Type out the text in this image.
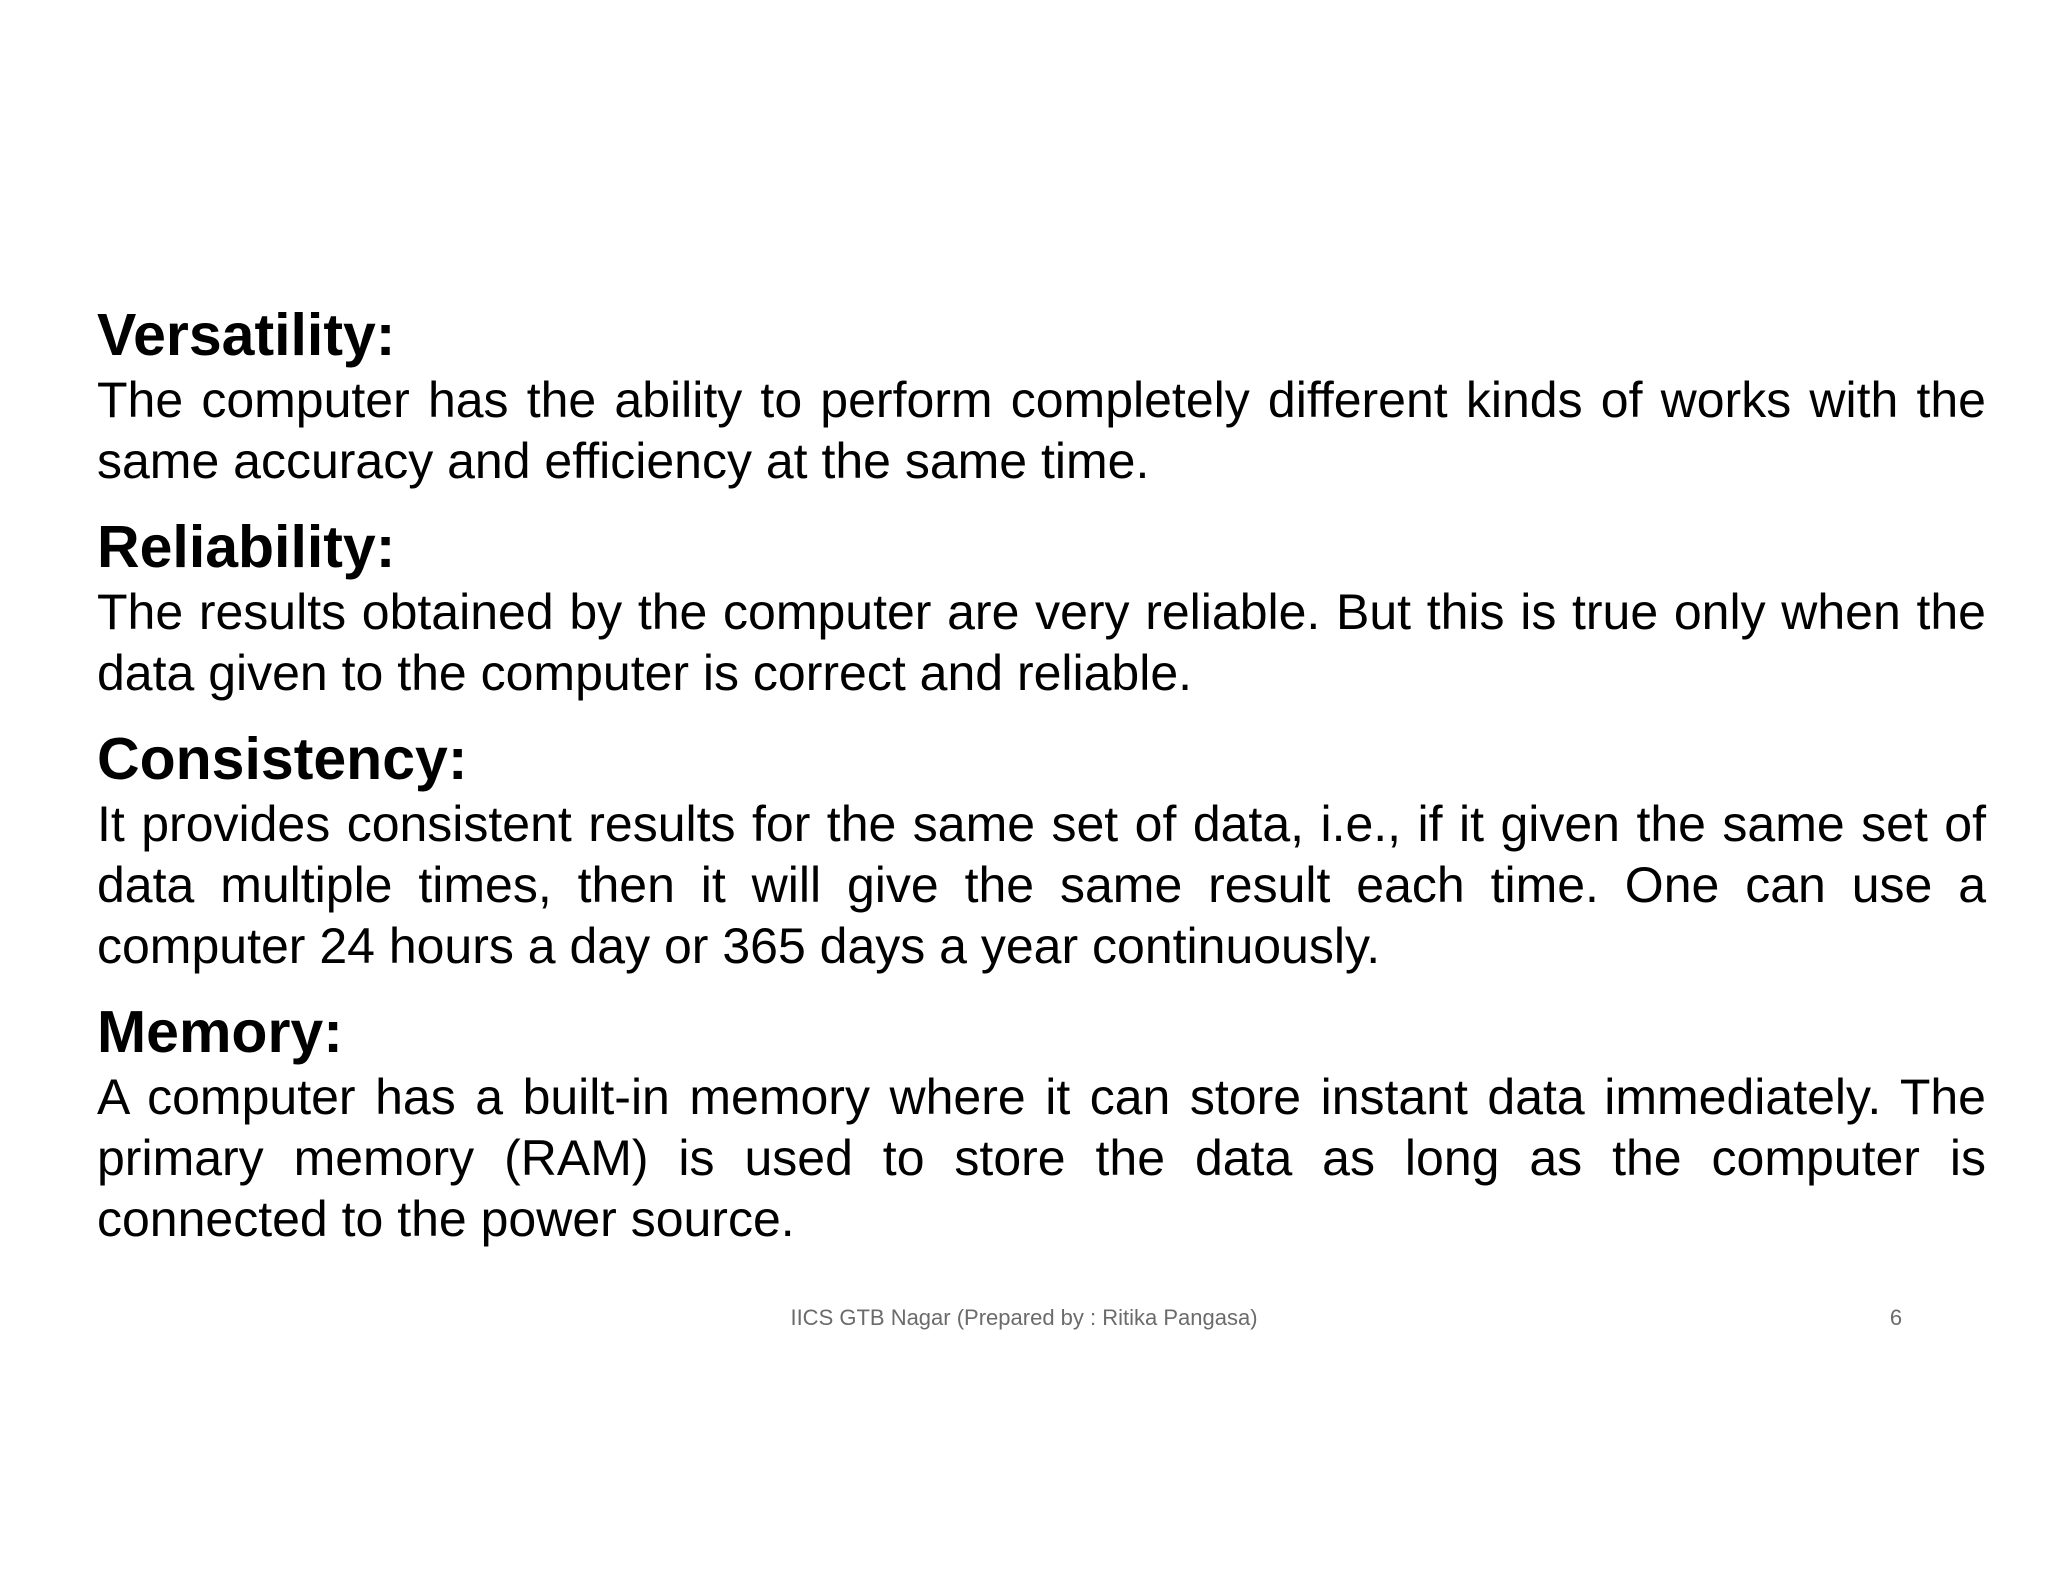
Versatility:

The computer has the ability to perform completely different kinds of works with the same accuracy and efficiency at the same time.

Reliability:

The results obtained by the computer are very reliable. But this is true only when the data given to the computer is correct and reliable.

Consistency:

It provides consistent results for the same set of data, i.e., if it given the same set of data multiple times, then it will give the same result each time. One can use a computer 24 hours a day or 365 days a year continuously.

Memory:

A computer has a built-in memory where it can store instant data immediately. The primary memory (RAM) is used to store the data as long as the computer is connected to the power source.

IICS GTB Nagar (Prepared by : Ritika Pangasa)	6
